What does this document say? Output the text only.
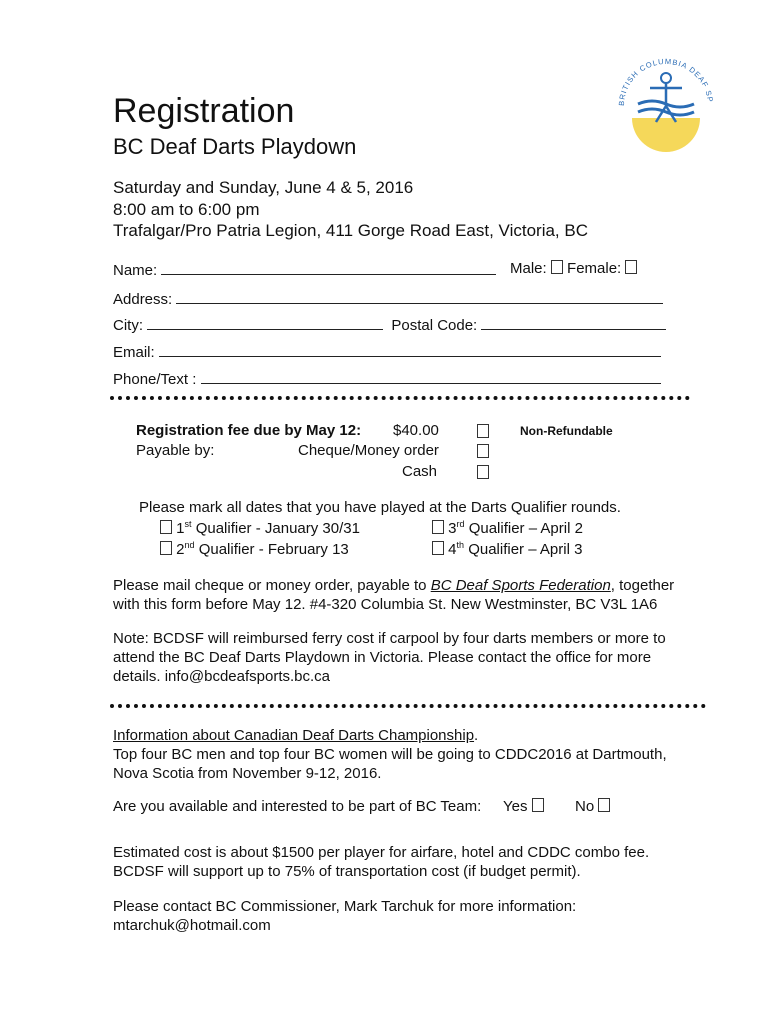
BRITISH COLUMBIA DEAF SP
Registration
BC Deaf Darts Playdown
Saturday and Sunday, June 4 & 5, 2016
8:00 am to 6:00 pm
Trafalgar/Pro Patria Legion, 411 Gorge Road East, Victoria, BC
Name:	Male: Female:
Address:
City:	Postal Code:
Email:
Phone/Text :
Registration fee due by May 12: $40.00	Non-Refundable
Payable by:	Cheque/Money order
Cash
Please mark all dates that you have played at the Darts Qualifier rounds.
1st Qualifier - January 30/31	3rd Qualifier – April 2
2nd Qualifier - February 13	4th Qualifier – April 3

Please mail cheque or money order, payable to BC Deaf Sports Federation, together

with this form before May 12. #4-320 Columbia St. New Westminster, BC V3L 1A6

Note: BCDSF will reimbursed ferry cost if carpool by four darts members or more to

attend the BC Deaf Darts Playdown in Victoria. Please contact the office for more

details. info@bcdeafsports.bc.ca

Information about Canadian Deaf Darts Championship.

Top four BC men and top four BC women will be going to CDDC2016 at Dartmouth,

Nova Scotia from November 9-12, 2016.

Are you available and interested to be part of BC Team: Yes	No

Estimated cost is about $1500 per player for airfare, hotel and CDDC combo fee.

BCDSF will support up to 75% of transportation cost (if budget permit).

Please contact BC Commissioner, Mark Tarchuk for more information:

mtarchuk@hotmail.com
